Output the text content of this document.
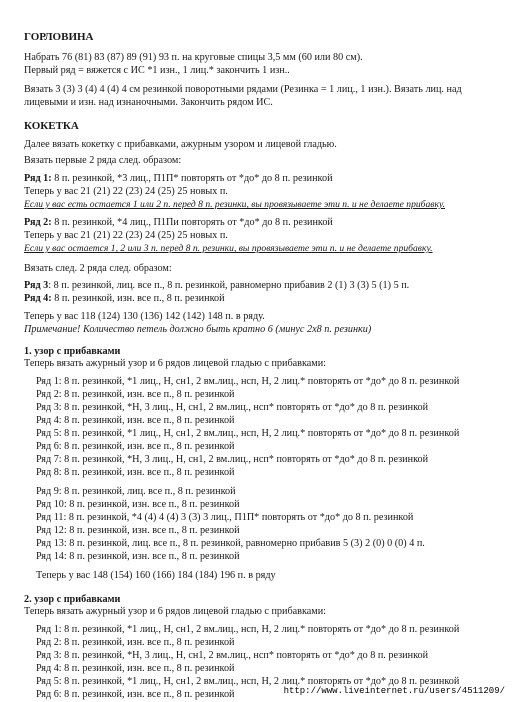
ГОРЛОВИНА
Набрать 76 (81) 83 (87) 89 (91) 93 п. на круговые спицы 3,5 мм (60 или 80 см).
Первый ряд = вяжется с ИС *1 изн., 1 лиц.* закончить 1 изн..
Вязать 3 (3) 3 (4) 4 (4) 4 см резинкой поворотными рядами (Резинка = 1 лиц., 1 изн.). Вязать лиц. над
лицевыми и изн. над изнаночными. Закончить рядом ИС.
КОКЕТКА
Далее вязать кокетку с прибавками, ажурным узором и лицевой гладью.
Вязать первые 2 ряда след. образом:
Ряд 1: 8 п. резинкой, *3 лиц., П1П* повторять от *до* до 8 п. резинкой
Теперь у вас 21 (21) 22 (23) 24 (25) 25 новых п.
Если у вас есть остается 1 или 2 п. перед 8 п. резинки, вы провязываете эти п. и не делаете прибавку.
Ряд 2: 8 п. резинкой, *4 лиц., П1Пи повторять от *до* до 8 п. резинкой
Теперь у вас 21 (21) 22 (23) 24 (25) 25 новых п.
Если у вас остается 1, 2 или 3 п. перед 8 п. резинки, вы провязываете эти п. и не делаете прибавку.
Вязать след. 2 ряда след. образом:
Ряд 3: 8 п. резинкой, лиц. все п., 8 п. резинкой, равномерно прибавив 2 (1) 3 (3) 5 (1) 5 п.
Ряд 4: 8 п. резинкой, изн. все п., 8 п. резинкой
Теперь у вас 118 (124) 130 (136) 142 (142) 148 п. в ряду.
Примечание! Количество петель должно быть кратно 6 (минус 2x8 п. резинки)
1. узор с прибавками
Теперь вязать ажурный узор и 6 рядов лицевой гладью с прибавками:
Ряд 1: 8 п. резинкой, *1 лиц., Н, сн1, 2 вм.лиц., нсп, Н, 2 лиц.* повторять от *до* до 8 п. резинкой
Ряд 2: 8 п. резинкой, изн. все п., 8 п. резинкой
Ряд 3: 8 п. резинкой, *Н, 3 лиц., Н, сн1, 2 вм.лиц., нсп* повторять от *до* до 8 п. резинкой
Ряд 4: 8 п. резинкой, изн. все п., 8 п. резинкой
Ряд 5: 8 п. резинкой, *1 лиц., Н, сн1, 2 вм.лиц., нсп, Н, 2 лиц.* повторять от *до* до 8 п. резинкой
Ряд 6: 8 п. резинкой, изн. все п., 8 п. резинкой
Ряд 7: 8 п. резинкой, *Н, 3 лиц., Н, сн1, 2 вм.лиц., нсп* повторять от *до* до 8 п. резинкой
Ряд 8: 8 п. резинкой, изн. все п., 8 п. резинкой
Ряд 9: 8 п. резинкой, лиц. все п., 8 п. резинкой
Ряд 10: 8 п. резинкой, изн. все п., 8 п. резинкой
Ряд 11: 8 п. резинкой, *4 (4) 4 (4) 3 (3) 3 лиц., П1П* повторять от *до* до 8 п. резинкой
Ряд 12: 8 п. резинкой, изн. все п., 8 п. резинкой
Ряд 13: 8 п. резинкой, лиц. все п., 8 п. резинкой, равномерно прибавив 5 (3) 2 (0) 0 (0) 4 п.
Ряд 14: 8 п. резинкой, изн. все п., 8 п. резинкой
Теперь у вас 148 (154) 160 (166) 184 (184) 196 п. в ряду
2. узор с прибавками
Теперь вязать ажурный узор и 6 рядов лицевой гладью с прибавками:
Ряд 1: 8 п. резинкой, *1 лиц., Н, сн1, 2 вм.лиц., нсп, Н, 2 лиц.* повторять от *до* до 8 п. резинкой
Ряд 2: 8 п. резинкой, изн. все п., 8 п. резинкой
Ряд 3: 8 п. резинкой, *Н, 3 лиц., Н, сн1, 2 вм.лиц., нсп* повторять от *до* до 8 п. резинкой
Ряд 4: 8 п. резинкой, изн. все п., 8 п. резинкой
Ряд 5: 8 п. резинкой, *1 лиц., Н, сн1, 2 вм.лиц., нсп, Н, 2 лиц.* повторять от *до* до 8 п. резинкой
Ряд 6: 8 п. резинкой, изн. все п., 8 п. резинкой	http://www.liveinternet.ru/users/4511209/
